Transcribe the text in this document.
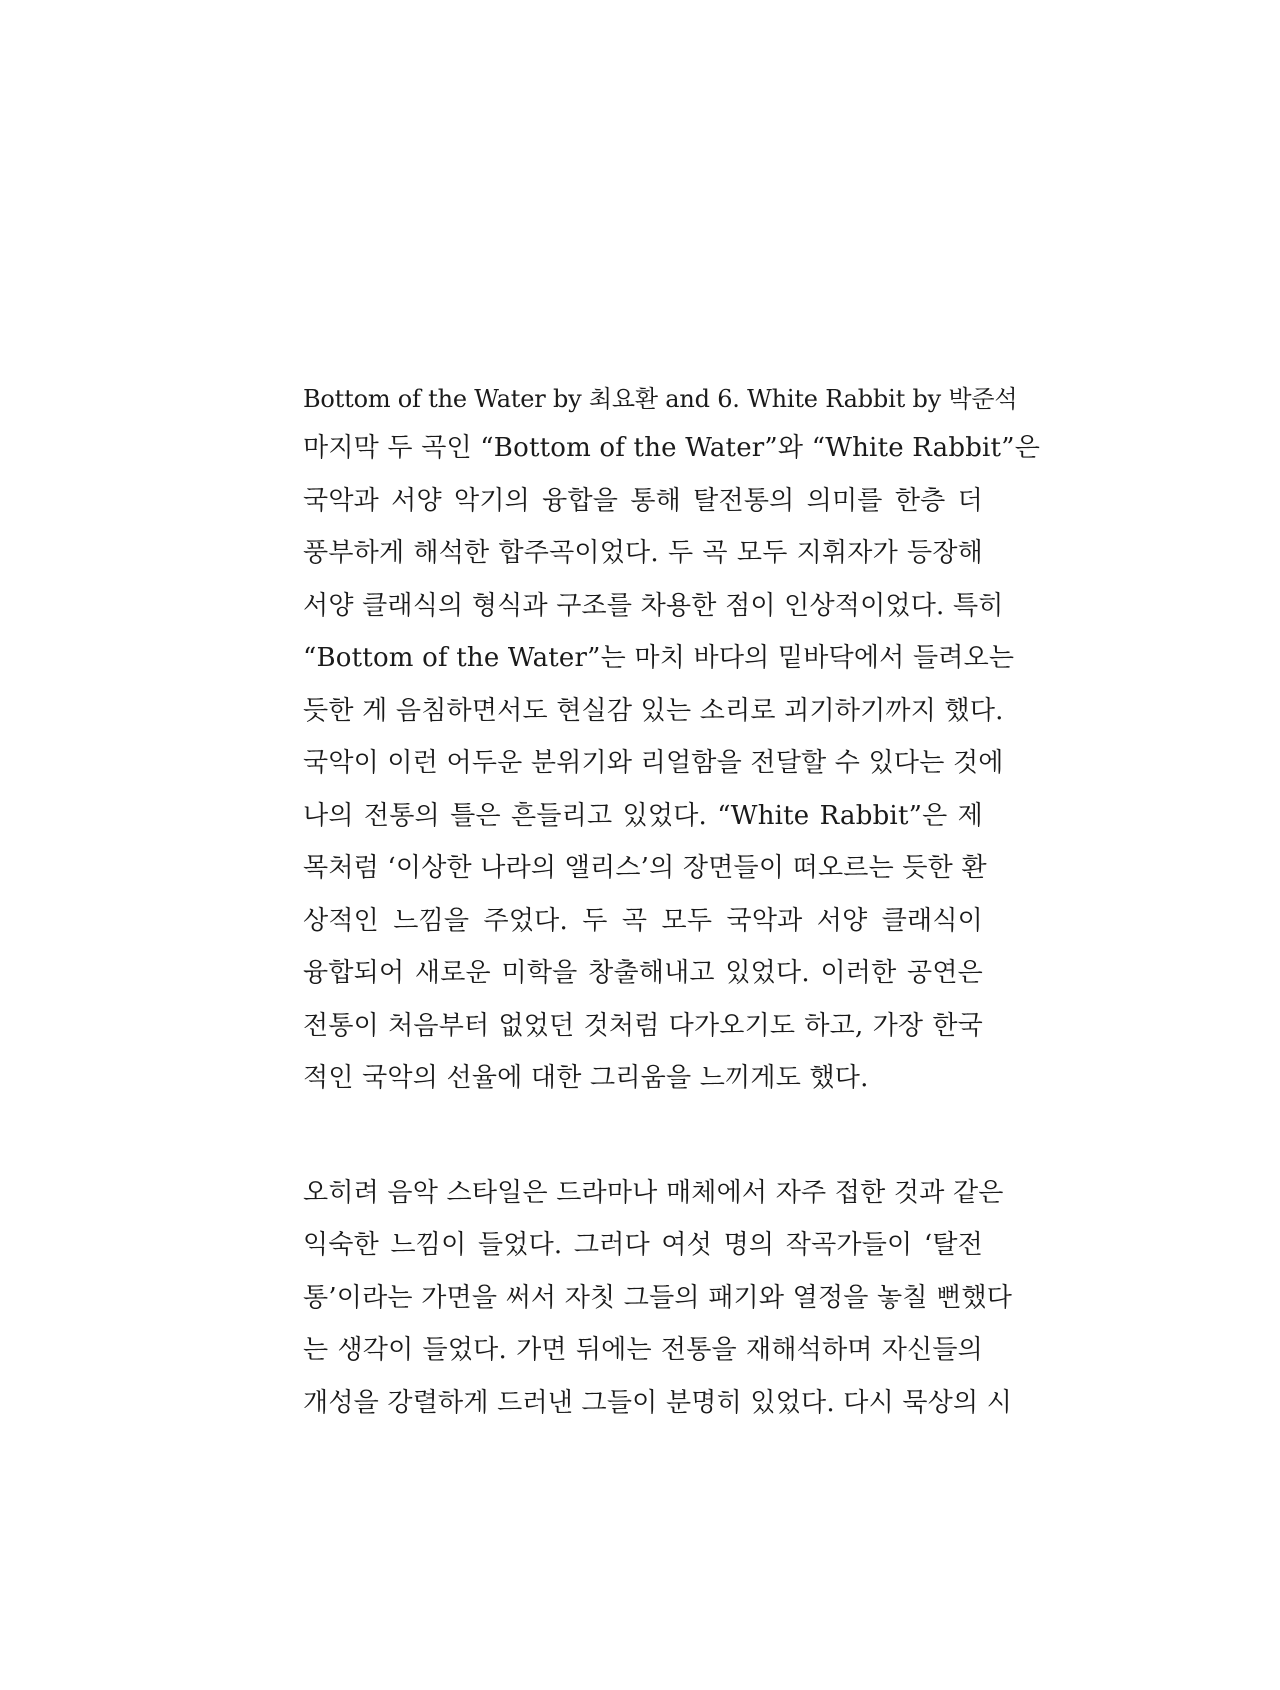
Bottom of the Water by 최요환 and 6. White Rabbit by 박준석
마지막 두 곡인 “Bottom of the Water”와 “White Rabbit”은
국악과 서양 악기의 융합을 통해 탈전통의 의미를 한층 더
풍부하게 해석한 합주곡이었다. 두 곡 모두 지휘자가 등장해
서양 클래식의 형식과 구조를 차용한 점이 인상적이었다. 특히
“Bottom of the Water”는 마치 바다의 밑바닥에서 들려오는
듯한 게 음침하면서도 현실감 있는 소리로 괴기하기까지 했다.
국악이 이런 어두운 분위기와 리얼함을 전달할 수 있다는 것에
나의 전통의 틀은 흔들리고 있었다. “White Rabbit”은 제
목처럼 ‘이상한 나라의 앨리스’의 장면들이 떠오르는 듯한 환
상적인 느낌을 주었다. 두 곡 모두 국악과 서양 클래식이
융합되어 새로운 미학을 창출해내고 있었다. 이러한 공연은
전통이 처음부터 없었던 것처럼 다가오기도 하고, 가장 한국
적인 국악의 선율에 대한 그리움을 느끼게도 했다.
오히려 음악 스타일은 드라마나 매체에서 자주 접한 것과 같은
익숙한 느낌이 들었다. 그러다 여섯 명의 작곡가들이 ‘탈전
통’이라는 가면을 써서 자칫 그들의 패기와 열정을 놓칠 뻔했다
는 생각이 들었다. 가면 뒤에는 전통을 재해석하며 자신들의
개성을 강렬하게 드러낸 그들이 분명히 있었다. 다시 묵상의 시
